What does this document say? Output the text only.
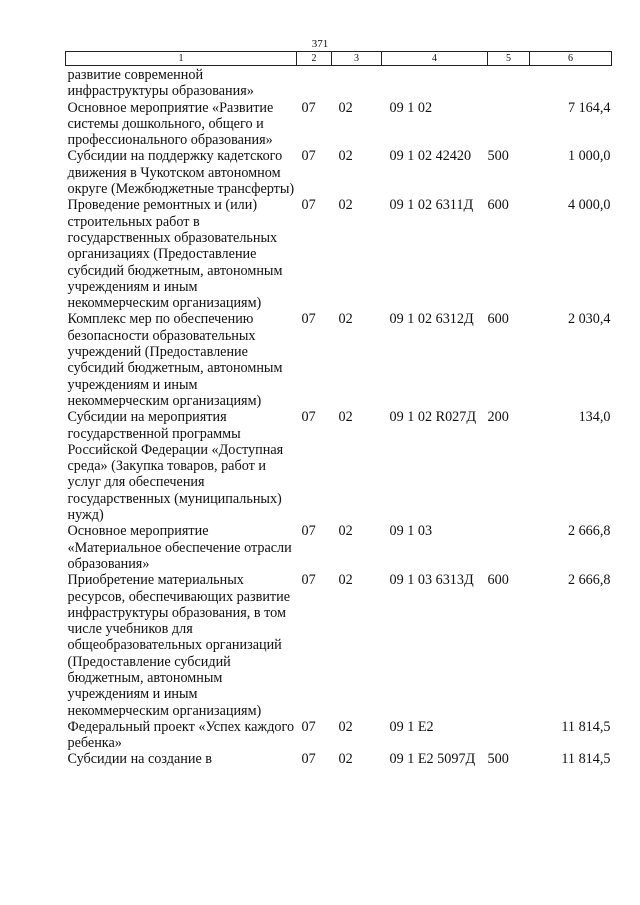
371
1	2	3	4	5	6
развитие современной инфраструктуры образования»					
Основное мероприятие «Развитие системы дошкольного, общего и профессионального образования»	07	02	09 1 02		7 164,4
Субсидии на поддержку кадетского движения в Чукотском автономном округе (Межбюджетные трансферты)	07	02	09 1 02 42420	500	1 000,0
Проведение ремонтных и (или) строительных работ в государственных образовательных организациях (Предоставление субсидий бюджетным, автономным учреждениям и иным некоммерческим организациям)	07	02	09 1 02 6311Д	600	4 000,0
Комплекс мер по обеспечению безопасности образовательных учреждений (Предоставление субсидий бюджетным, автономным учреждениям и иным некоммерческим организациям)	07	02	09 1 02 6312Д	600	2 030,4
Субсидии на мероприятия государственной программы Российской Федерации «Доступная среда» (Закупка товаров, работ и услуг для обеспечения государственных (муниципальных) нужд)	07	02	09 1 02 R027Д	200	134,0
Основное мероприятие «Материальное обеспечение отрасли образования»	07	02	09 1 03		2 666,8
Приобретение материальных ресурсов, обеспечивающих развитие инфраструктуры образования, в том числе учебников для общеобразовательных организаций (Предоставление субсидий бюджетным, автономным учреждениям и иным некоммерческим организациям)	07	02	09 1 03 6313Д	600	2 666,8
Федеральный проект «Успех каждого ребенка»	07	02	09 1 E2		11 814,5
Субсидии на создание в	07	02	09 1 E2 5097Д	500	11 814,5
